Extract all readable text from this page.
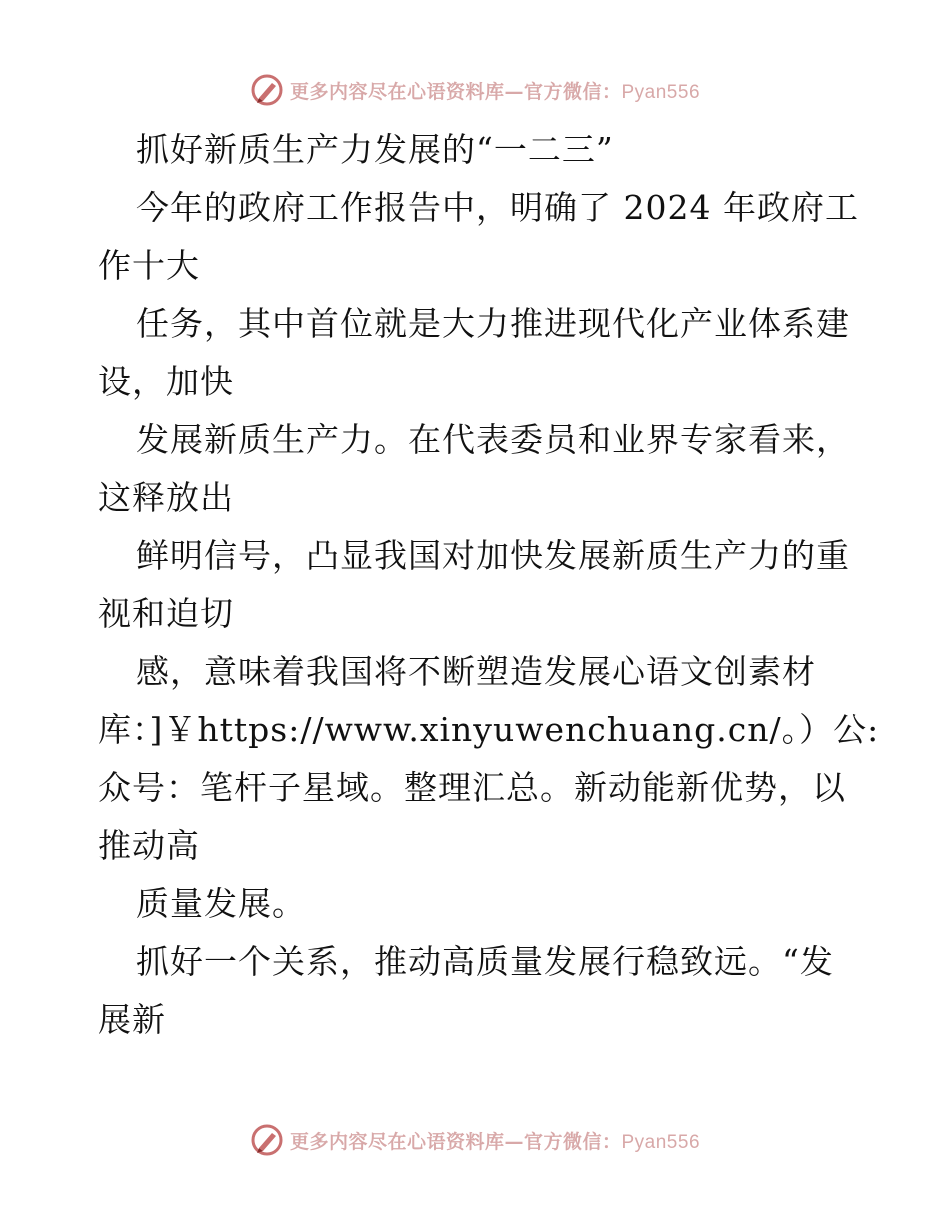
更多内容尽在心语资料库—官方微信：Pyan556
抓好新质生产力发展的“一二三”
今年的政府工作报告中，明确了 2024 年政府工
作十大
任务，其中首位就是大力推进现代化产业体系建
设，加快
发展新质生产力。在代表委员和业界专家看来，
这释放出
鲜明信号，凸显我国对加快发展新质生产力的重
视和迫切
感，意味着我国将不断塑造发展心语文创素材
库：]￥https://www.xinyuwenchuang.cn/。）公:
众号：笔杆子星域。整理汇总。新动能新优势，以
推动高
质量发展。
抓好一个关系，推动高质量发展行稳致远。“发
展新
更多内容尽在心语资料库—官方微信：Pyan556
